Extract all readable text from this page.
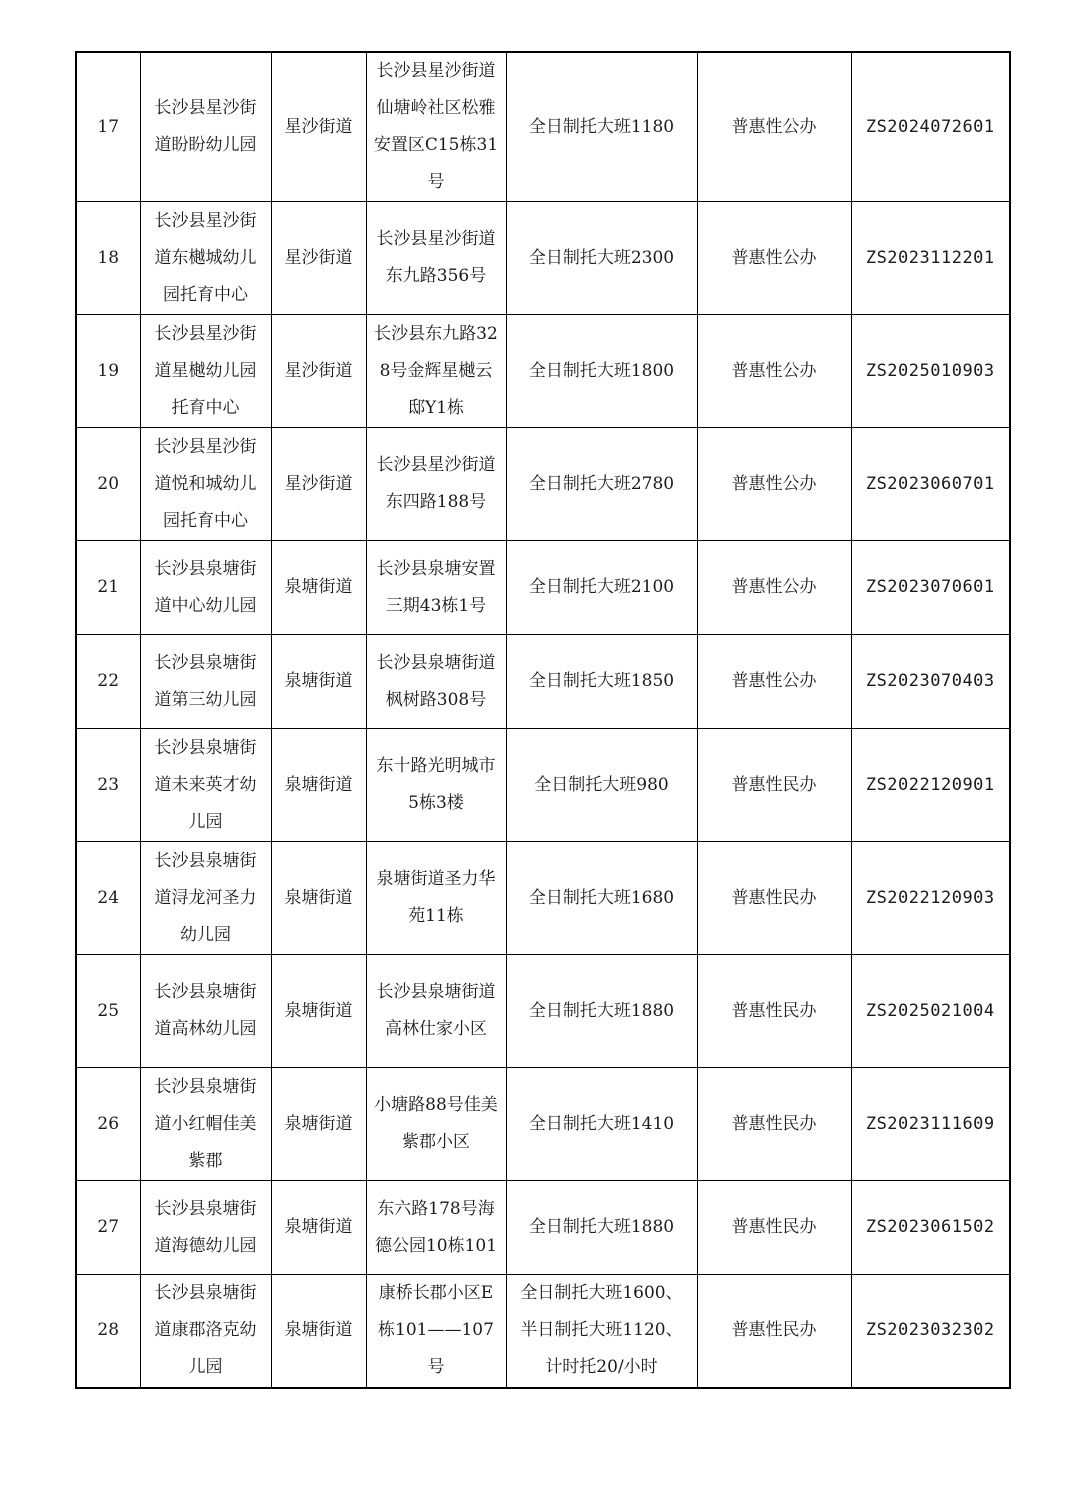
17	长沙县星沙街道盼盼幼儿园	星沙街道	长沙县星沙街道仙塘岭社区松雅安置区C15栋31号	全日制托大班1180	普惠性公办	ZS2024072601
18	长沙县星沙街道东樾城幼儿园托育中心	星沙街道	长沙县星沙街道东九路356号	全日制托大班2300	普惠性公办	ZS2023112201
19	长沙县星沙街道星樾幼儿园托育中心	星沙街道	长沙县东九路328号金辉星樾云邸Y1栋	全日制托大班1800	普惠性公办	ZS2025010903
20	长沙县星沙街道悦和城幼儿园托育中心	星沙街道	长沙县星沙街道东四路188号	全日制托大班2780	普惠性公办	ZS2023060701
21	长沙县泉塘街道中心幼儿园	泉塘街道	长沙县泉塘安置三期43栋1号	全日制托大班2100	普惠性公办	ZS2023070601
22	长沙县泉塘街道第三幼儿园	泉塘街道	长沙县泉塘街道枫树路308号	全日制托大班1850	普惠性公办	ZS2023070403
23	长沙县泉塘街道未来英才幼儿园	泉塘街道	东十路光明城市5栋3楼	全日制托大班980	普惠性民办	ZS2022120901
24	长沙县泉塘街道浔龙河圣力幼儿园	泉塘街道	泉塘街道圣力华苑11栋	全日制托大班1680	普惠性民办	ZS2022120903
25	长沙县泉塘街道高林幼儿园	泉塘街道	长沙县泉塘街道高林仕家小区	全日制托大班1880	普惠性民办	ZS2025021004
26	长沙县泉塘街道小红帽佳美紫郡	泉塘街道	小塘路88号佳美紫郡小区	全日制托大班1410	普惠性民办	ZS2023111609
27	长沙县泉塘街道海德幼儿园	泉塘街道	东六路178号海德公园10栋101	全日制托大班1880	普惠性民办	ZS2023061502
28	长沙县泉塘街道康郡洛克幼儿园	泉塘街道	康桥长郡小区E栋101——107号	全日制托大班1600、
半日制托大班1120、
计时托20/小时	普惠性民办	ZS2023032302
